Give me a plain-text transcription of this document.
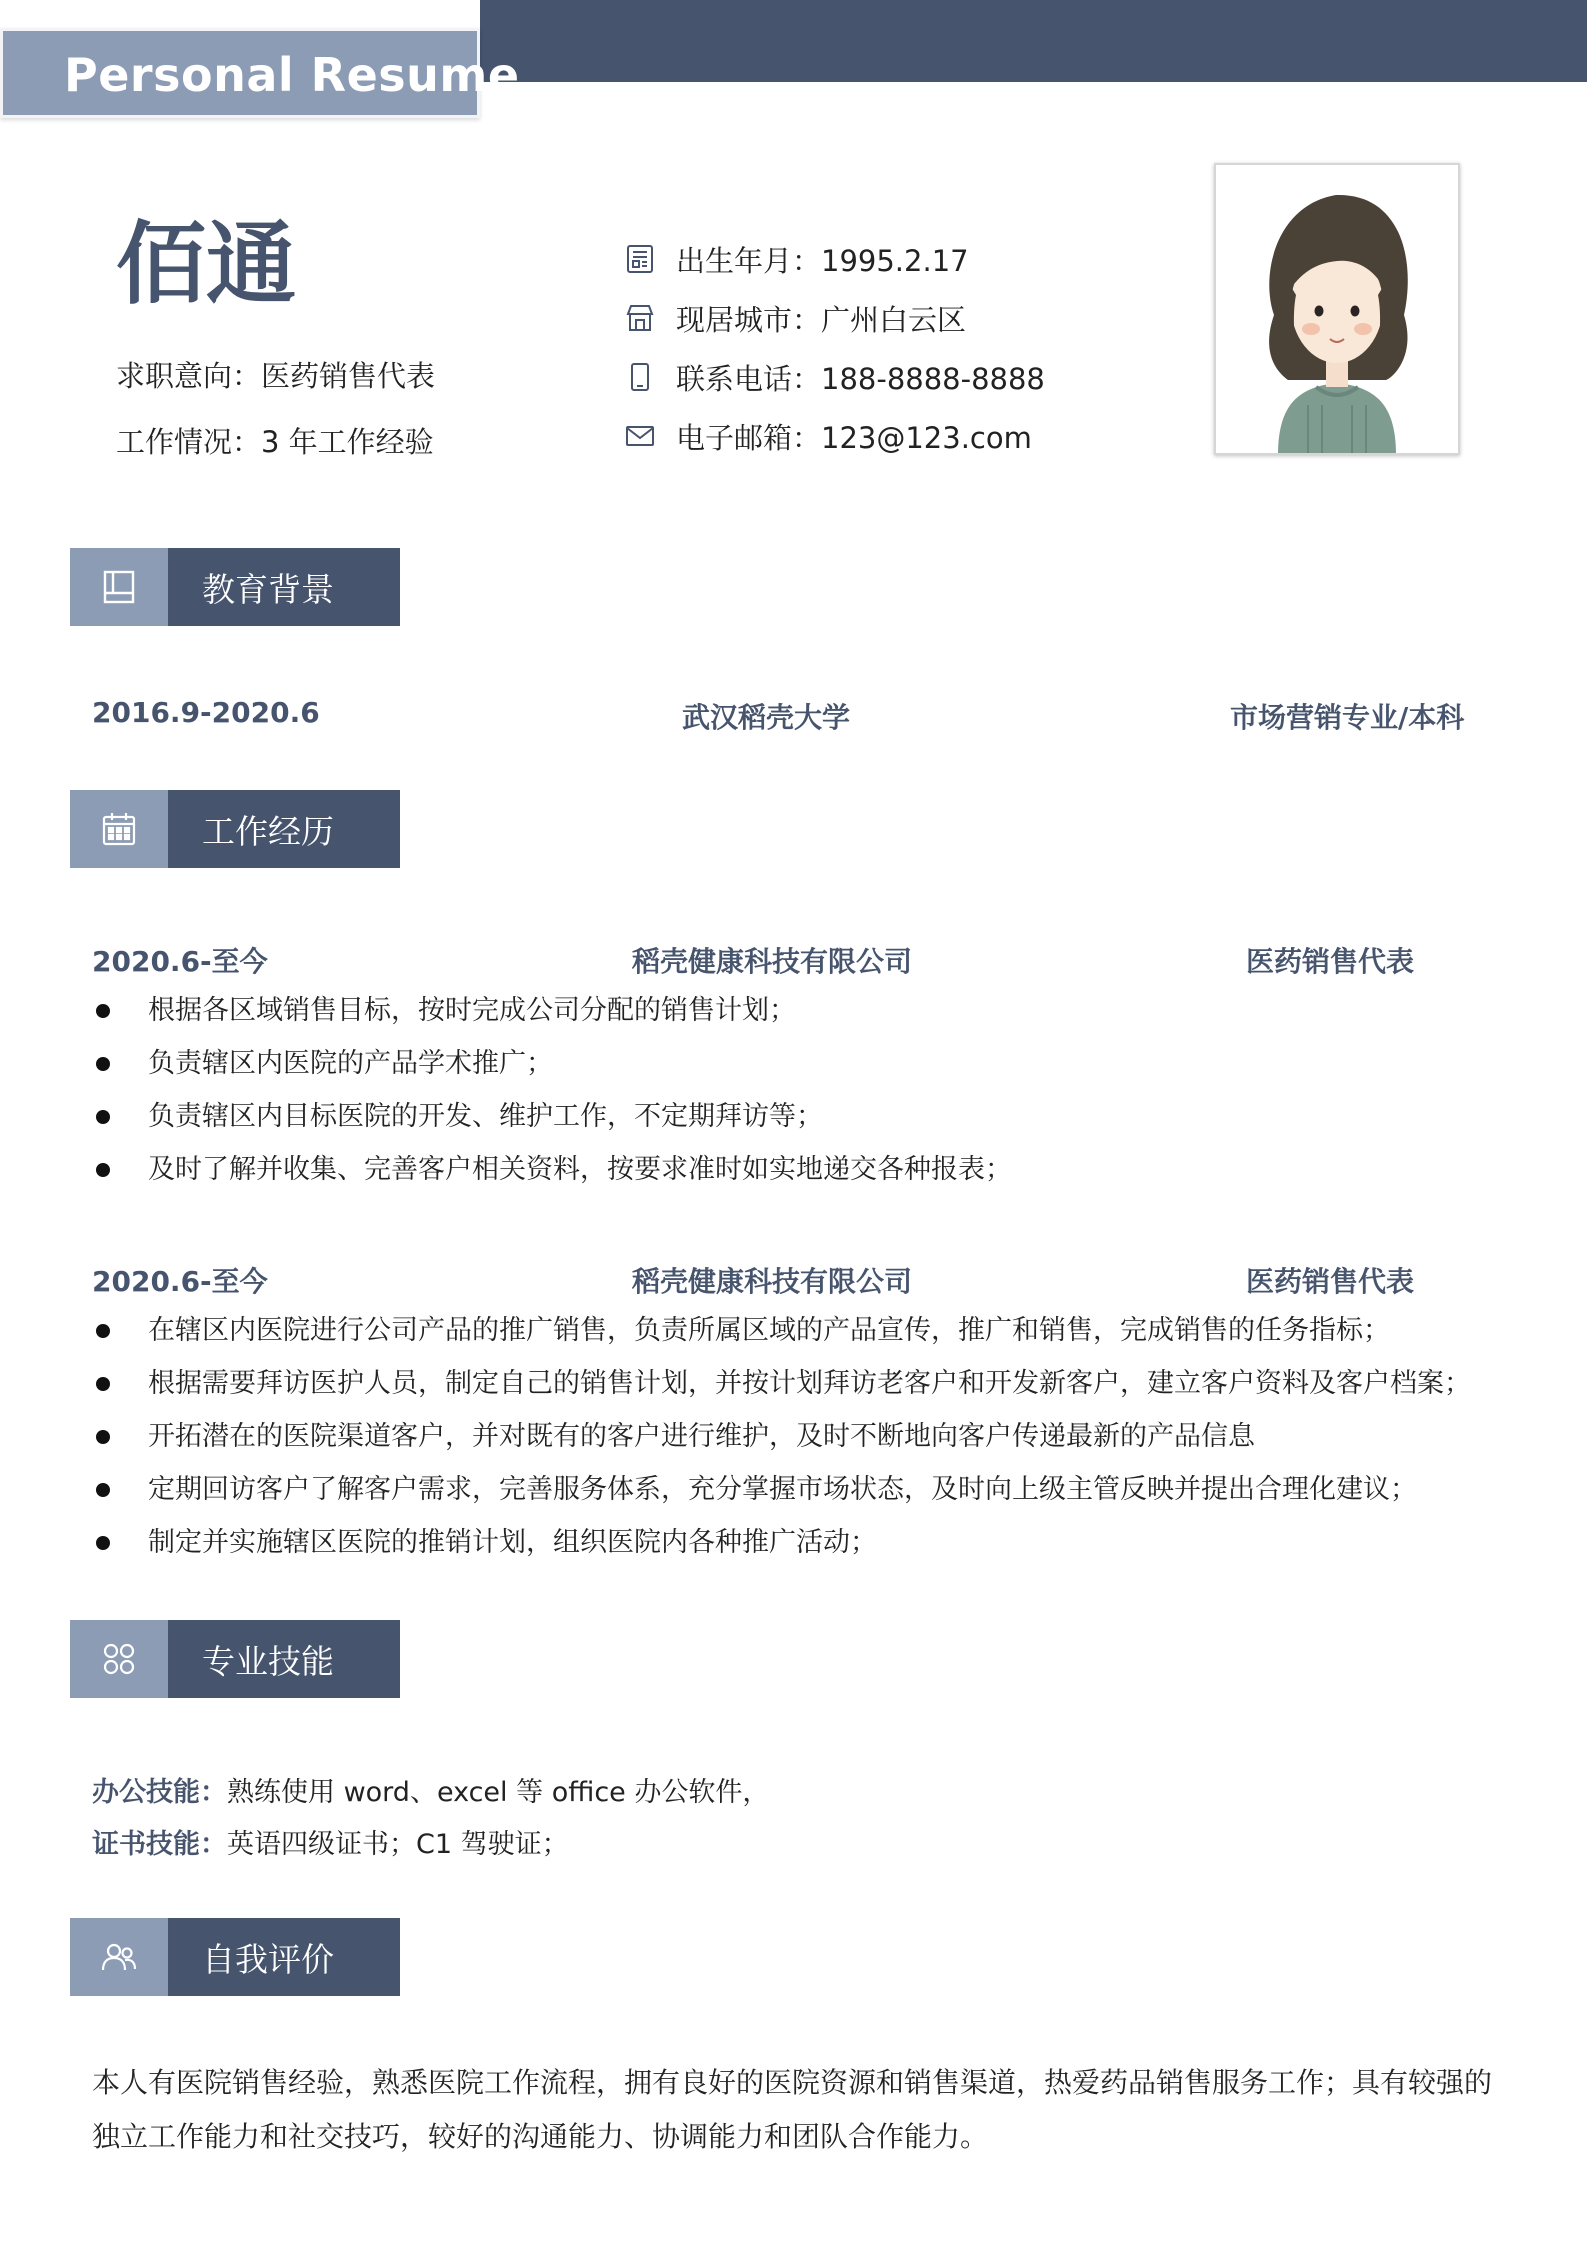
Personal Resume
佰通
求职意向：医药销售代表
工作情况：3 年工作经验
出生年月：1995.2.17
现居城市：广州白云区
联系电话：188-8888-8888
电子邮箱：123@123.com
教育背景
2016.9-2020.6	武汉稻壳大学	市场营销专业/本科
工作经历
2020.6-至今	稻壳健康科技有限公司	医药销售代表
根据各区域销售目标，按时完成公司分配的销售计划；
负责辖区内医院的产品学术推广；
负责辖区内目标医院的开发、维护工作，不定期拜访等；
及时了解并收集、完善客户相关资料，按要求准时如实地递交各种报表；
2020.6-至今	稻壳健康科技有限公司	医药销售代表
在辖区内医院进行公司产品的推广销售，负责所属区域的产品宣传，推广和销售，完成销售的任务指标；
根据需要拜访医护人员，制定自己的销售计划，并按计划拜访老客户和开发新客户，建立客户资料及客户档案；
开拓潜在的医院渠道客户，并对既有的客户进行维护，及时不断地向客户传递最新的产品信息
定期回访客户了解客户需求，完善服务体系，充分掌握市场状态，及时向上级主管反映并提出合理化建议；
制定并实施辖区医院的推销计划，组织医院内各种推广活动；
专业技能
办公技能：熟练使用 word、excel 等 office 办公软件，
证书技能：英语四级证书；C1 驾驶证；
自我评价
本人有医院销售经验，熟悉医院工作流程，拥有良好的医院资源和销售渠道，热爱药品销售服务工作；具有较强的独立工作能力和社交技巧，较好的沟通能力、协调能力和团队合作能力。
